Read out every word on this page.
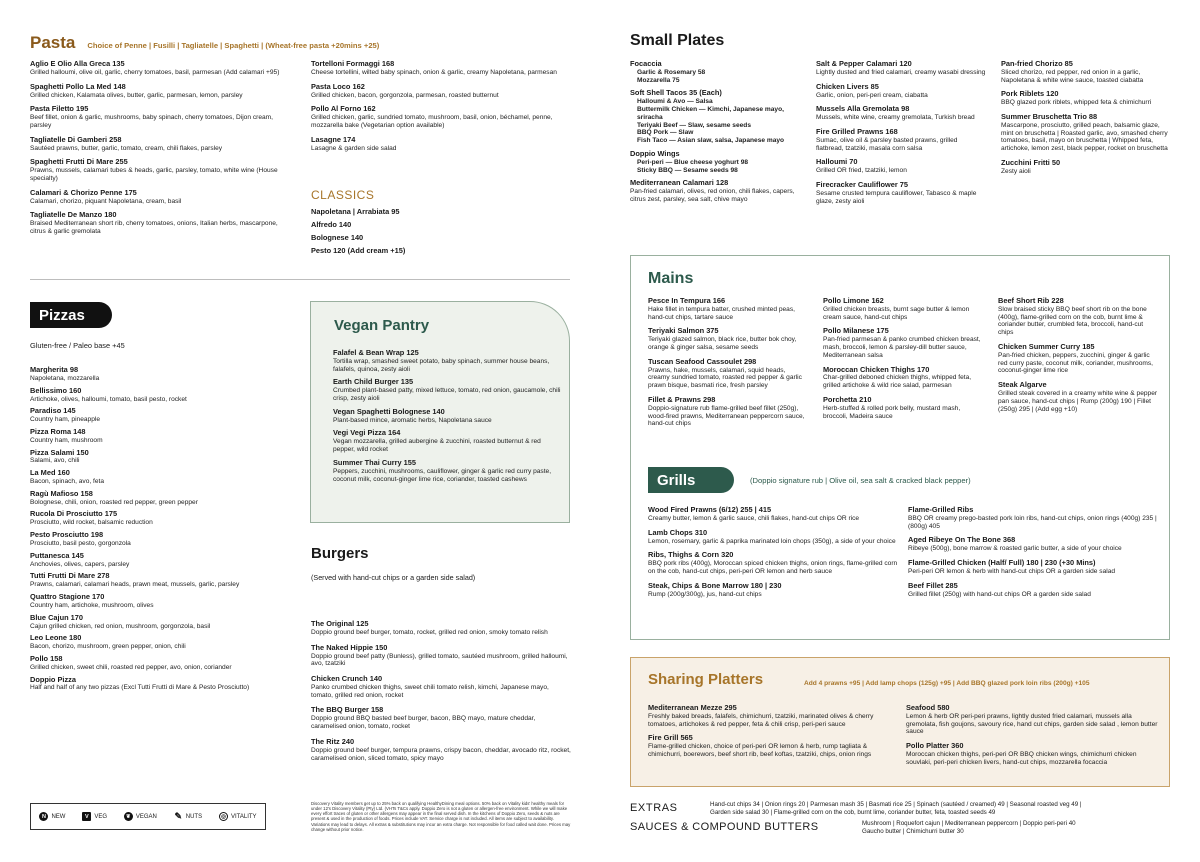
Pasta Choice of Penne | Fusilli | Tagliatelle | Spaghetti | (Wheat-free pasta +20mins +25)
Aglio E Olio Alla Greca 135
Grilled halloumi, olive oil, garlic, cherry tomatoes, basil, parmesan (Add calamari +95)
Spaghetti Pollo La Med 148
Grilled chicken, Kalamata olives, butter, garlic, parmesan, lemon, parsley
Pasta Filetto 195
Beef fillet, onion & garlic, mushrooms, baby spinach, cherry tomatoes, Dijon cream, parsley
Tagliatelle Di Gamberi 258
Sautéed prawns, butter, garlic, tomato, cream, chili flakes, parsley
Spaghetti Frutti Di Mare 255
Prawns, mussels, calamari tubes & heads, garlic, parsley, tomato, white wine (House specialty)
Calamari & Chorizo Penne 175
Calamari, chorizo, piquant Napoletana, cream, basil
Tagliatelle De Manzo 180
Braised Mediterranean short rib, cherry tomatoes, onions, Italian herbs, mascarpone, citrus & garlic gremolata
Tortelloni Formaggi 168
Cheese tortellini, wilted baby spinach, onion & garlic, creamy Napoletana, parmesan
Pasta Loco 162
Grilled chicken, bacon, gorgonzola, parmesan, roasted butternut
Pollo Al Forno 162
Grilled chicken, garlic, sundried tomato, mushroom, basil, onion, béchamel, penne, mozzarella bake (Vegetarian option available)
Lasagne 174
Lasagne & garden side salad
CLASSICS
Napoletana | Arrabiata 95
Alfredo 140
Bolognese 140
Pesto 120 (Add cream +15)
Pizzas
Gluten-free / Paleo base +45
Margherita 98
Napoletana, mozzarella
Bellissimo 160
Artichoke, olives, halloumi, tomato, basil pesto, rocket
Paradiso 145
Country ham, pineapple
Pizza Roma 148
Country ham, mushroom
Pizza Salami 150
Salami, avo, chili
La Med 160
Bacon, spinach, avo, feta
Ragù Mafioso 158
Bolognese, chili, onion, roasted red pepper, green pepper
Rucola Di Prosciutto 175
Prosciutto, wild rocket, balsamic reduction
Pesto Prosciutto 198
Prosciutto, basil pesto, gorgonzola
Puttanesca 145
Anchovies, olives, capers, parsley
Tutti Frutti Di Mare 278
Prawns, calamari, calamari heads, prawn meat, mussels, garlic, parsley
Quattro Stagione 170
Country ham, artichoke, mushroom, olives
Blue Cajun 170
Cajun grilled chicken, red onion, mushroom, gorgonzola, basil
Leo Leone 180
Bacon, chorizo, mushroom, green pepper, onion, chili
Pollo 158
Grilled chicken, sweet chili, roasted red pepper, avo, onion, coriander
Doppio Pizza
Half and half of any two pizzas (Excl Tutti Frutti di Mare & Pesto Prosciutto)
Vegan Pantry
Falafel & Bean Wrap 125
Tortilla wrap, smashed sweet potato, baby spinach, summer house beans, falafels, quinoa, zesty aioli
Earth Child Burger 135
Crumbed plant-based patty, mixed lettuce, tomato, red onion, gaucamole, chili crisp, zesty aioli
Vegan Spaghetti Bolognese 140
Plant-based mince, aromatic herbs, Napoletana sauce
Vegi Vegi Pizza 164
Vegan mozzarella, grilled aubergine & zucchini, roasted butternut & red pepper, wild rocket
Summer Thai Curry 155
Peppers, zucchini, mushrooms, cauliflower, ginger & garlic red curry paste, coconut milk, coconut-ginger lime rice, coriander, toasted cashews
Burgers
(Served with hand-cut chips or a garden side salad)
The Original 125
Doppio ground beef burger, tomato, rocket, grilled red onion, smoky tomato relish
The Naked Hippie 150
Doppio ground beef patty (Bunless), grilled tomato, sautéed mushroom, grilled halloumi, avo, tzatziki
Chicken Crunch 140
Panko crumbed chicken thighs, sweet chili tomato relish, kimchi, Japanese mayo, tomato, grilled red onion, rocket
The BBQ Burger 158
Doppio ground BBQ basted beef burger, bacon, BBQ mayo, mature cheddar, caramelised onion, tomato, rocket
The Ritz 240
Doppio ground beef burger, tempura prawns, crispy bacon, cheddar, avocado ritz, rocket, caramelised onion, sliced tomato, spicy mayo
N NEW	V VEG	❦ VEGAN ✎ NUTS	◎ VITALITY
Discovery Vitality members get up to 25% back on qualifying HealthyDining meal options. 50% back on Vitality kids' healthy meals for under 12's Discovery Vitality (Pty) Ltd. (VHTs T&Cs apply. Doppio Zero is not a gluten or allergen-free environment. While we will make every effort traces of gluten or other allergens may appear in the final served dish. In the kitchens of Doppio Zero, seeds & nuts are present & used in the production of foods. Prices include VAT. Service charge is not included. All items are subject to availability. Variations may lead to delays. All extras & substitutions may incur an extra charge. Not responsible for food called wait done. Prices may change without prior notice.
Small Plates
Focaccia
Garlic & Rosemary 58
Mozzarella 75
Soft Shell Tacos 35 (Each)
Halloumi & Avo — Salsa
Buttermilk Chicken — Kimchi, Japanese mayo, sriracha
Teriyaki Beef — Slaw, sesame seeds
BBQ Pork — Slaw
Fish Taco — Asian slaw, salsa, Japanese mayo
Doppio Wings
Peri-peri — Blue cheese yoghurt 98
Sticky BBQ — Sesame seeds 98
Mediterranean Calamari 128
Pan-fried calamari, olives, red onion, chili flakes, capers, citrus zest, parsley, sea salt, chive mayo
Salt & Pepper Calamari 120
Lightly dusted and fried calamari, creamy wasabi dressing
Chicken Livers 85
Garlic, onion, peri-peri cream, ciabatta
Mussels Alla Gremolata 98
Mussels, white wine, creamy gremolata, Turkish bread
Fire Grilled Prawns 168
Sumac, olive oil & parsley basted prawns, grilled flatbread, tzatziki, masala corn salsa
Halloumi 70
Grilled OR fried, tzatziki, lemon
Firecracker Cauliflower 75
Sesame crusted tempura cauliflower, Tabasco & maple glaze, zesty aioli
Pan-fried Chorizo 85
Sliced chorizo, red pepper, red onion in a garlic, Napoletana & white wine sauce, toasted ciabatta
Pork Riblets 120
BBQ glazed pork riblets, whipped feta & chimichurri
Summer Bruschetta Trio 88
Mascarpone, prosciutto, grilled peach, balsamic glaze, mint on bruschetta | Roasted garlic, avo, smashed cherry tomatoes, basil, mayo on bruschetta | Whipped feta, artichoke, lemon zest, black pepper, rocket on bruschetta
Zucchini Fritti 50
Zesty aioli
Mains
Pesce In Tempura 166
Hake fillet in tempura batter, crushed minted peas, hand-cut chips, tartare sauce
Teriyaki Salmon 375
Teriyaki glazed salmon, black rice, butter bok choy, orange & ginger salsa, sesame seeds
Tuscan Seafood Cassoulet 298
Prawns, hake, mussels, calamari, squid heads, creamy sundried tomato, roasted red pepper & garlic prawn bisque, basmati rice, fresh parsley
Fillet & Prawns 298
Doppio-signature rub flame-grilled beef fillet (250g), wood-fired prawns, Mediterranean peppercorn sauce, hand-cut chips
Pollo Limone 162
Grilled chicken breasts, burnt sage butter & lemon cream sauce, hand-cut chips
Pollo Milanese 175
Pan-fried parmesan & panko crumbed chicken breast, mash, broccoli, lemon & parsley-dill butter sauce, Mediterranean salsa
Moroccan Chicken Thighs 170
Char-grilled deboned chicken thighs, whipped feta, grilled artichoke & wild rice salad, parmesan
Porchetta 210
Herb-stuffed & rolled pork belly, mustard mash, broccoli, Madeira sauce
Beef Short Rib 228
Slow braised sticky BBQ beef short rib on the bone (400g), flame-grilled corn on the cob, burnt lime & coriander butter, crumbled feta, broccoli, hand-cut chips
Chicken Summer Curry 185
Pan-fried chicken, peppers, zucchini, ginger & garlic red curry paste, coconut milk, coriander, mushrooms, coconut-ginger lime rice
Steak Algarve
Grilled steak covered in a creamy white wine & pepper pan sauce, hand-cut chips | Rump (200g) 190 | Fillet (250g) 295 | (Add egg +10)
Grills	(Doppio signature rub | Olive oil, sea salt & cracked black pepper)
Wood Fired Prawns (6/12) 255 | 415
Creamy butter, lemon & garlic sauce, chili flakes, hand-cut chips OR rice
Lamb Chops 310
Lemon, rosemary, garlic & paprika marinated loin chops (350g), a side of your choice
Ribs, Thighs & Corn 320
BBQ pork ribs (400g), Moroccan spiced chicken thighs, onion rings, flame-grilled corn on the cob, hand-cut chips, peri-peri OR lemon and herb sauce
Steak, Chips & Bone Marrow 180 | 230
Rump (200g/300g), jus, hand-cut chips
Flame-Grilled Ribs
BBQ OR creamy prego-basted pork loin ribs, hand-cut chips, onion rings (400g) 235 | (800g) 405
Aged Ribeye On The Bone 368
Ribeye (500g), bone marrow & roasted garlic butter, a side of your choice
Flame-Grilled Chicken (Half/ Full) 180 | 230 (+30 Mins)
Peri-peri OR lemon & herb with hand-cut chips OR a garden side salad
Beef Fillet 285
Grilled fillet (250g) with hand-cut chips OR a garden side salad
Sharing Platters	Add 4 prawns +95 | Add lamp chops (125g) +95 | Add BBQ glazed pork loin ribs (200g) +105
Mediterranean Mezze 295
Freshly baked breads, falafels, chimichurri, tzatziki, marinated olives & cherry tomatoes, artichokes & red pepper, feta & chili crisp, peri-peri sauce
Fire Grill 565
Flame-grilled chicken, choice of peri-peri OR lemon & herb, rump tagliata & chimichurri, boerewors, beef short rib, beef koftas, tzatziki, chips, onion rings
Seafood 580
Lemon & herb OR peri-peri prawns, lightly dusted fried calamari, mussels alla gremolata, fish goujons, savoury rice, hand cut chips, garden side salad , lemon butter sauce
Pollo Platter 360
Moroccan chicken thighs, peri-peri OR BBQ chicken wings, chimichurri chicken souvlaki, peri-peri chicken livers, hand-cut chips, mozzarella focaccia
EXTRAS	Hand-cut chips 34 | Onion rings 20 | Parmesan mash 35 | Basmati rice 25 | Spinach (sautéed / creamed) 49 | Seasonal roasted veg 49 |
Garden side salad 30 | Flame-grilled corn on the cob, burnt lime, coriander butter, feta, toasted seeds 49
SAUCES & COMPOUND BUTTERS	Mushroom | Roquefort cajun | Mediterranean peppercorn | Doppio peri-peri 40
Gaucho butter | Chimichurri butter 30
